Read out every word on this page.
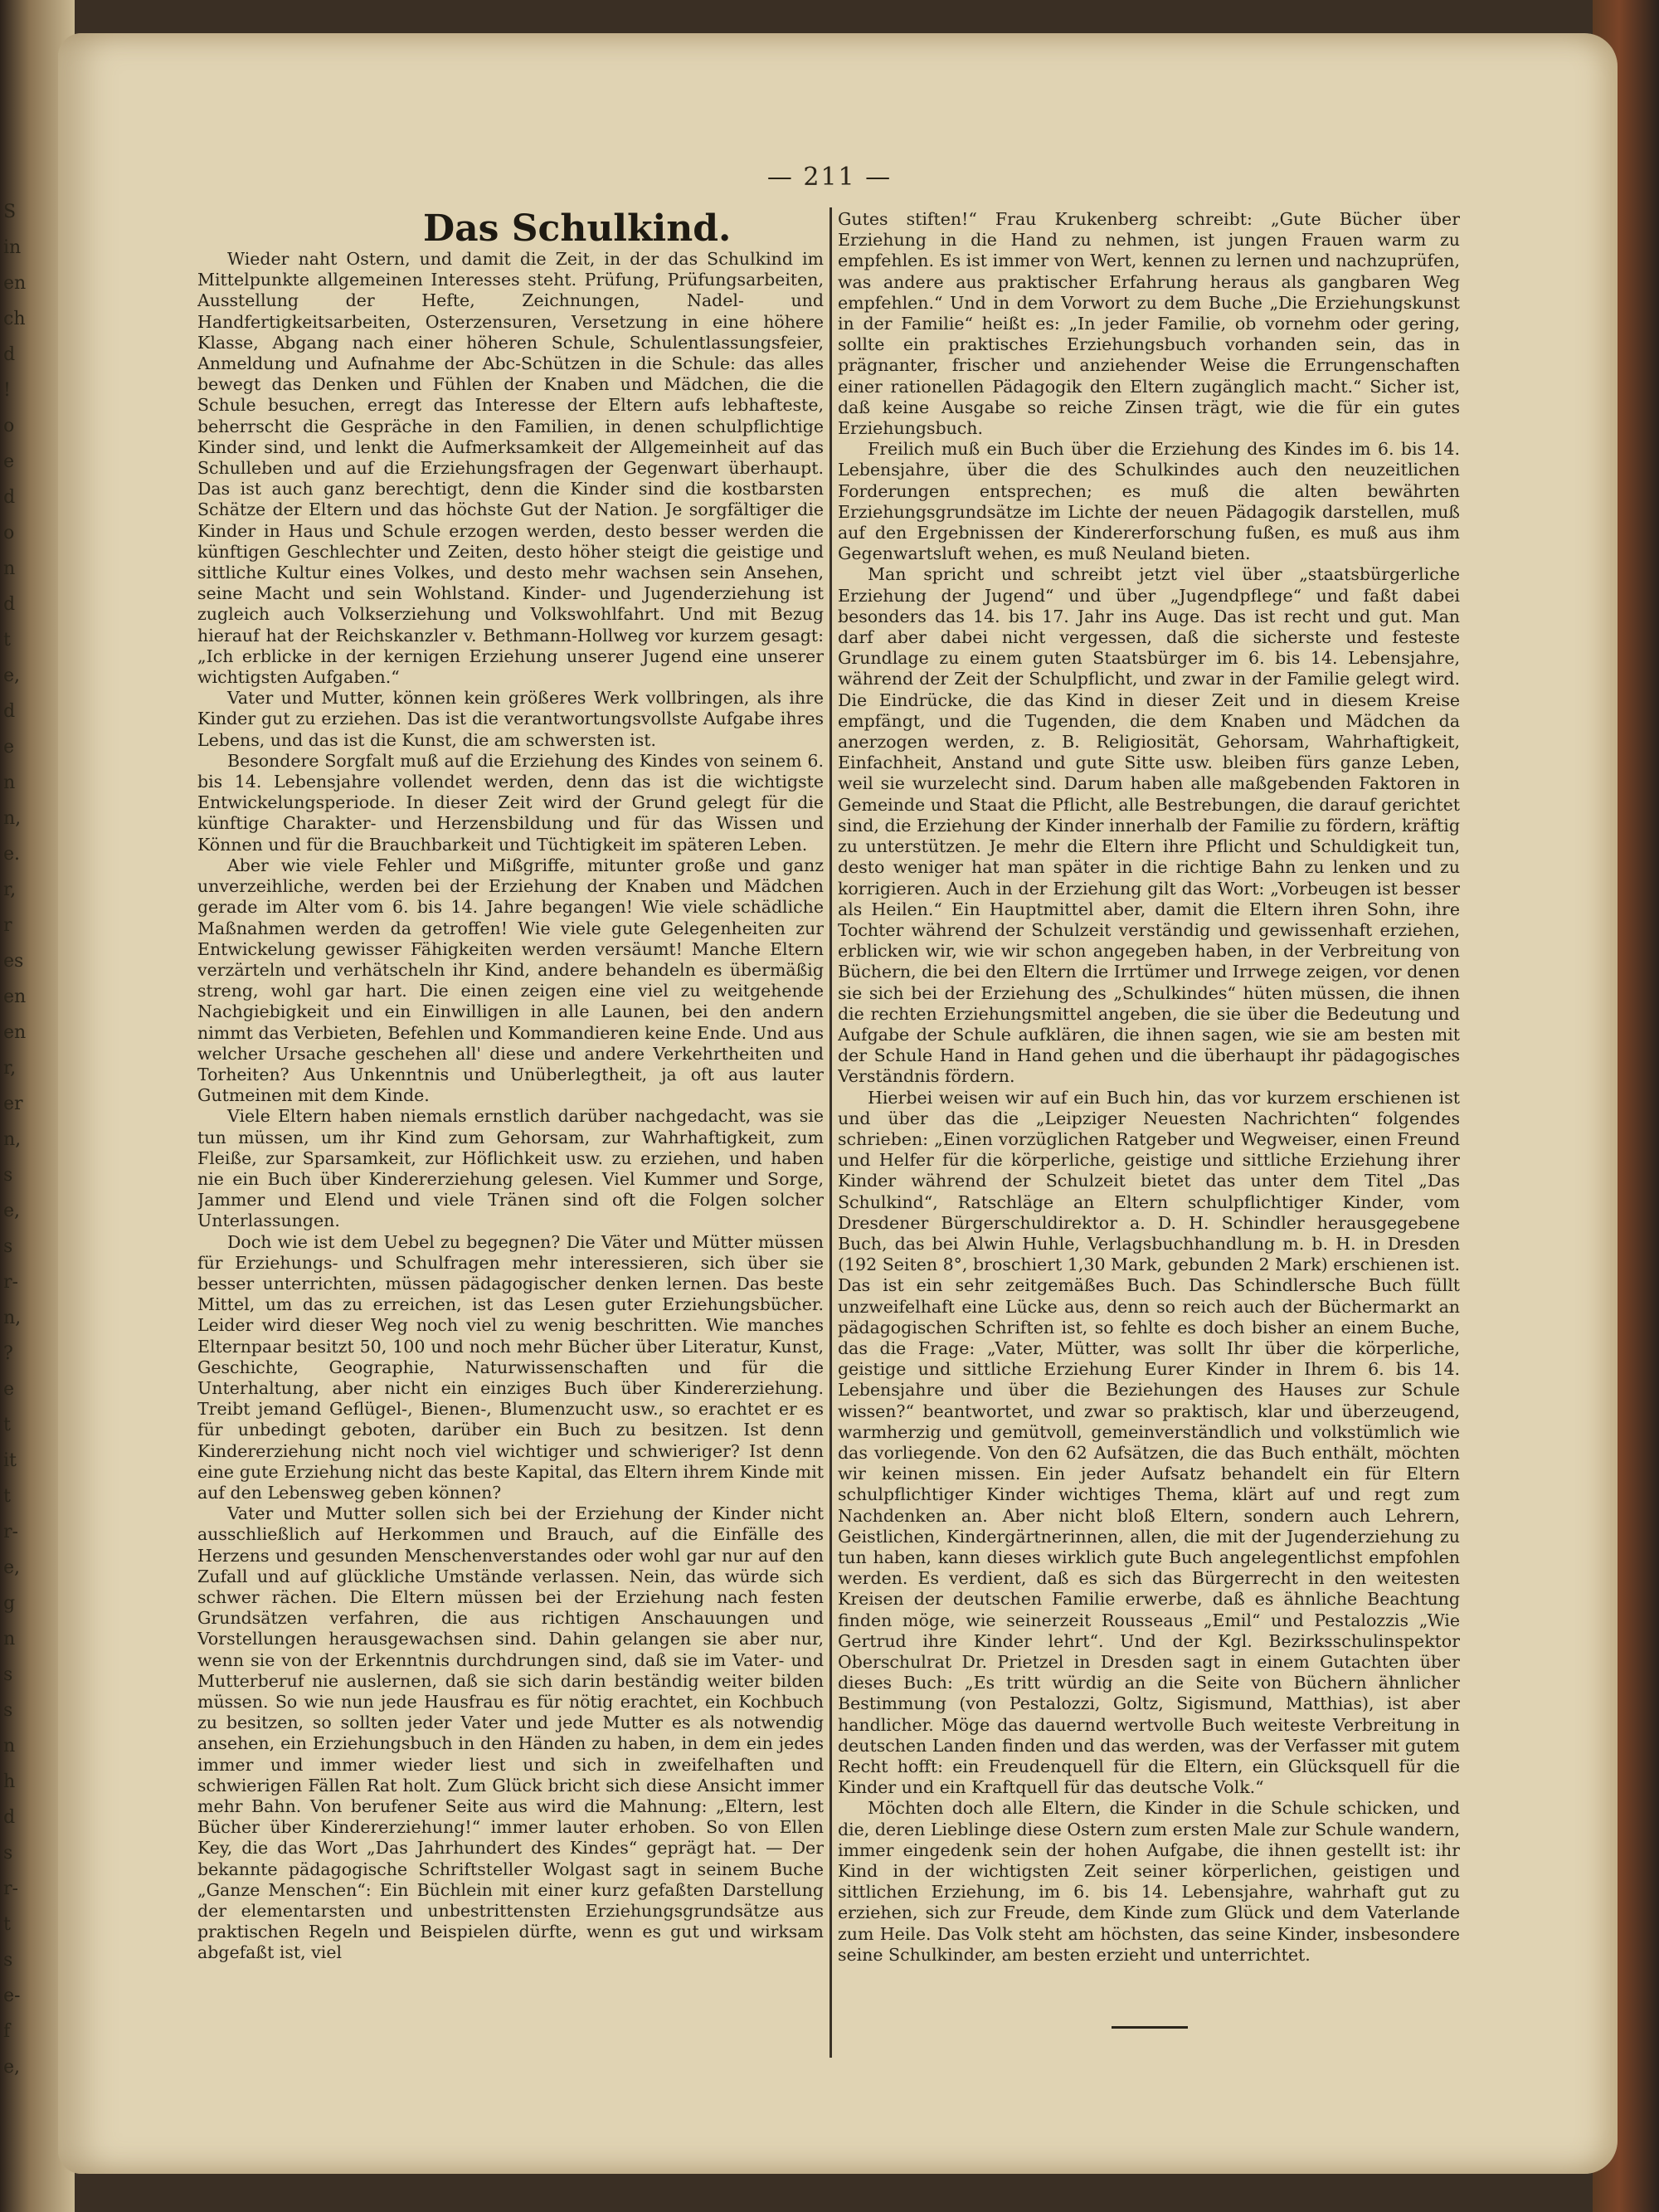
S
in
en
ch
d
!
o
e
d
o
n
d
t
e,
d
e
n
n,
e.
r,
r
es
en
en
r,
er
n,
s
e,
s
r-
n,
?
e
t
it
t
r-
e,
g
n
s
s
n
h
d
s
r-
t
s
e-
f
e,
— 211 —
Das Schulkind.

Wieder naht Ostern, und damit die Zeit, in der das Schulkind im Mittelpunkte allgemeinen Interesses steht. Prüfung, Prüfungsarbeiten, Ausstellung der Hefte, Zeichnungen, Nadel- und Handfertigkeitsarbeiten, Osterzensuren, Versetzung in eine höhere Klasse, Abgang nach einer höheren Schule, Schulentlassungsfeier, Anmeldung und Aufnahme der Abc-Schützen in die Schule: das alles bewegt das Denken und Fühlen der Knaben und Mädchen, die die Schule besuchen, erregt das Interesse der Eltern aufs lebhafteste, beherrscht die Gespräche in den Familien, in denen schulpflichtige Kinder sind, und lenkt die Aufmerksamkeit der Allgemeinheit auf das Schulleben und auf die Erziehungsfragen der Gegenwart überhaupt. Das ist auch ganz berechtigt, denn die Kinder sind die kostbarsten Schätze der Eltern und das höchste Gut der Nation. Je sorgfältiger die Kinder in Haus und Schule erzogen werden, desto besser werden die künftigen Geschlechter und Zeiten, desto höher steigt die geistige und sittliche Kultur eines Volkes, und desto mehr wachsen sein Ansehen, seine Macht und sein Wohlstand. Kinder- und Jugenderziehung ist zugleich auch Volkserziehung und Volkswohlfahrt. Und mit Bezug hierauf hat der Reichskanzler v. Bethmann-Hollweg vor kurzem gesagt: „Ich erblicke in der kernigen Erziehung unserer Jugend eine unserer wichtigsten Aufgaben.“

Vater und Mutter, können kein größeres Werk vollbringen, als ihre Kinder gut zu erziehen. Das ist die verantwortungsvollste Aufgabe ihres Lebens, und das ist die Kunst, die am schwersten ist.

Besondere Sorgfalt muß auf die Erziehung des Kindes von seinem 6. bis 14. Lebensjahre vollendet werden, denn das ist die wichtigste Entwickelungsperiode. In dieser Zeit wird der Grund gelegt für die künftige Charakter- und Herzensbildung und für das Wissen und Können und für die Brauchbarkeit und Tüchtigkeit im späteren Leben.

Aber wie viele Fehler und Mißgriffe, mitunter große und ganz unverzeihliche, werden bei der Erziehung der Knaben und Mädchen gerade im Alter vom 6. bis 14. Jahre begangen! Wie viele schädliche Maßnahmen werden da getroffen! Wie viele gute Gelegenheiten zur Entwickelung gewisser Fähigkeiten werden versäumt! Manche Eltern verzärteln und verhätscheln ihr Kind, andere behandeln es übermäßig streng, wohl gar hart. Die einen zeigen eine viel zu weitgehende Nachgiebigkeit und ein Einwilligen in alle Launen, bei den andern nimmt das Verbieten, Befehlen und Kommandieren keine Ende. Und aus welcher Ursache geschehen all' diese und andere Verkehrtheiten und Torheiten? Aus Unkenntnis und Unüberlegtheit, ja oft aus lauter Gutmeinen mit dem Kinde.

Viele Eltern haben niemals ernstlich darüber nachgedacht, was sie tun müssen, um ihr Kind zum Gehorsam, zur Wahrhaftigkeit, zum Fleiße, zur Sparsamkeit, zur Höflichkeit usw. zu erziehen, und haben nie ein Buch über Kindererziehung gelesen. Viel Kummer und Sorge, Jammer und Elend und viele Tränen sind oft die Folgen solcher Unterlassungen.

Doch wie ist dem Uebel zu begegnen? Die Väter und Mütter müssen für Erziehungs- und Schulfragen mehr interessieren, sich über sie besser unterrichten, müssen pädagogischer denken lernen. Das beste Mittel, um das zu erreichen, ist das Lesen guter Erziehungsbücher. Leider wird dieser Weg noch viel zu wenig beschritten. Wie manches Elternpaar besitzt 50, 100 und noch mehr Bücher über Literatur, Kunst, Geschichte, Geographie, Naturwissenschaften und für die Unterhaltung, aber nicht ein einziges Buch über Kindererziehung. Treibt jemand Geflügel-, Bienen-, Blumenzucht usw., so erachtet er es für unbedingt geboten, darüber ein Buch zu besitzen. Ist denn Kindererziehung nicht noch viel wichtiger und schwieriger? Ist denn eine gute Erziehung nicht das beste Kapital, das Eltern ihrem Kinde mit auf den Lebensweg geben können?

Vater und Mutter sollen sich bei der Erziehung der Kinder nicht ausschließlich auf Herkommen und Brauch, auf die Einfälle des Herzens und gesunden Menschenverstandes oder wohl gar nur auf den Zufall und auf glückliche Umstände verlassen. Nein, das würde sich schwer rächen. Die Eltern müssen bei der Erziehung nach festen Grundsätzen verfahren, die aus richtigen Anschauungen und Vorstellungen herausgewachsen sind. Dahin gelangen sie aber nur, wenn sie von der Erkenntnis durchdrungen sind, daß sie im Vater- und Mutterberuf nie auslernen, daß sie sich darin beständig weiter bilden müssen. So wie nun jede Hausfrau es für nötig erachtet, ein Kochbuch zu besitzen, so sollten jeder Vater und jede Mutter es als notwendig ansehen, ein Erziehungsbuch in den Händen zu haben, in dem ein jedes immer und immer wieder liest und sich in zweifelhaften und schwierigen Fällen Rat holt. Zum Glück bricht sich diese Ansicht immer mehr Bahn. Von berufener Seite aus wird die Mahnung: „Eltern, lest Bücher über Kindererziehung!“ immer lauter erhoben. So von Ellen Key, die das Wort „Das Jahrhundert des Kindes“ geprägt hat. — Der bekannte pädagogische Schriftsteller Wolgast sagt in seinem Buche „Ganze Menschen“: Ein Büchlein mit einer kurz gefaßten Darstellung der elementarsten und unbestrittensten Erziehungsgrundsätze aus praktischen Regeln und Beispielen dürfte, wenn es gut und wirksam abgefaßt ist, viel

Gutes stiften!“ Frau Krukenberg schreibt: „Gute Bücher über Erziehung in die Hand zu nehmen, ist jungen Frauen warm zu empfehlen. Es ist immer von Wert, kennen zu lernen und nachzuprüfen, was andere aus praktischer Erfahrung heraus als gangbaren Weg empfehlen.“ Und in dem Vorwort zu dem Buche „Die Erziehungskunst in der Familie“ heißt es: „In jeder Familie, ob vornehm oder gering, sollte ein praktisches Erziehungsbuch vorhanden sein, das in prägnanter, frischer und anziehender Weise die Errungenschaften einer rationellen Pädagogik den Eltern zugänglich macht.“ Sicher ist, daß keine Ausgabe so reiche Zinsen trägt, wie die für ein gutes Erziehungsbuch.

Freilich muß ein Buch über die Erziehung des Kindes im 6. bis 14. Lebensjahre, über die des Schulkindes auch den neuzeitlichen Forderungen entsprechen; es muß die alten bewährten Erziehungsgrundsätze im Lichte der neuen Pädagogik darstellen, muß auf den Ergebnissen der Kindererforschung fußen, es muß aus ihm Gegenwartsluft wehen, es muß Neuland bieten.

Man spricht und schreibt jetzt viel über „staatsbürgerliche Erziehung der Jugend“ und über „Jugendpflege“ und faßt dabei besonders das 14. bis 17. Jahr ins Auge. Das ist recht und gut. Man darf aber dabei nicht vergessen, daß die sicherste und festeste Grundlage zu einem guten Staatsbürger im 6. bis 14. Lebensjahre, während der Zeit der Schulpflicht, und zwar in der Familie gelegt wird. Die Eindrücke, die das Kind in dieser Zeit und in diesem Kreise empfängt, und die Tugenden, die dem Knaben und Mädchen da anerzogen werden, z. B. Religiosität, Gehorsam, Wahrhaftigkeit, Einfachheit, Anstand und gute Sitte usw. bleiben fürs ganze Leben, weil sie wurzelecht sind. Darum haben alle maßgebenden Faktoren in Gemeinde und Staat die Pflicht, alle Bestrebungen, die darauf gerichtet sind, die Erziehung der Kinder innerhalb der Familie zu fördern, kräftig zu unterstützen. Je mehr die Eltern ihre Pflicht und Schuldigkeit tun, desto weniger hat man später in die richtige Bahn zu lenken und zu korrigieren. Auch in der Erziehung gilt das Wort: „Vorbeugen ist besser als Heilen.“ Ein Hauptmittel aber, damit die Eltern ihren Sohn, ihre Tochter während der Schulzeit verständig und gewissenhaft erziehen, erblicken wir, wie wir schon angegeben haben, in der Verbreitung von Büchern, die bei den Eltern die Irrtümer und Irrwege zeigen, vor denen sie sich bei der Erziehung des „Schulkindes“ hüten müssen, die ihnen die rechten Erziehungsmittel angeben, die sie über die Bedeutung und Aufgabe der Schule aufklären, die ihnen sagen, wie sie am besten mit der Schule Hand in Hand gehen und die überhaupt ihr pädagogisches Verständnis fördern.

Hierbei weisen wir auf ein Buch hin, das vor kurzem erschienen ist und über das die „Leipziger Neuesten Nachrichten“ folgendes schrieben: „Einen vorzüglichen Ratgeber und Wegweiser, einen Freund und Helfer für die körperliche, geistige und sittliche Erziehung ihrer Kinder während der Schulzeit bietet das unter dem Titel „Das Schulkind“, Ratschläge an Eltern schulpflichtiger Kinder, vom Dresdener Bürgerschuldirektor a. D. H. Schindler herausgegebene Buch, das bei Alwin Huhle, Verlagsbuchhandlung m. b. H. in Dresden (192 Seiten 8°, broschiert 1,30 Mark, gebunden 2 Mark) erschienen ist. Das ist ein sehr zeitgemäßes Buch. Das Schindlersche Buch füllt unzweifelhaft eine Lücke aus, denn so reich auch der Büchermarkt an pädagogischen Schriften ist, so fehlte es doch bisher an einem Buche, das die Frage: „Vater, Mütter, was sollt Ihr über die körperliche, geistige und sittliche Erziehung Eurer Kinder in Ihrem 6. bis 14. Lebensjahre und über die Beziehungen des Hauses zur Schule wissen?“ beantwortet, und zwar so praktisch, klar und überzeugend, warmherzig und gemütvoll, gemeinverständlich und volkstümlich wie das vorliegende. Von den 62 Aufsätzen, die das Buch enthält, möchten wir keinen missen. Ein jeder Aufsatz behandelt ein für Eltern schulpflichtiger Kinder wichtiges Thema, klärt auf und regt zum Nachdenken an. Aber nicht bloß Eltern, sondern auch Lehrern, Geistlichen, Kindergärtnerinnen, allen, die mit der Jugenderziehung zu tun haben, kann dieses wirklich gute Buch angelegentlichst empfohlen werden. Es verdient, daß es sich das Bürgerrecht in den weitesten Kreisen der deutschen Familie erwerbe, daß es ähnliche Beachtung finden möge, wie seinerzeit Rousseaus „Emil“ und Pestalozzis „Wie Gertrud ihre Kinder lehrt“. Und der Kgl. Bezirksschulinspektor Oberschulrat Dr. Prietzel in Dresden sagt in einem Gutachten über dieses Buch: „Es tritt würdig an die Seite von Büchern ähnlicher Bestimmung (von Pestalozzi, Goltz, Sigismund, Matthias), ist aber handlicher. Möge das dauernd wertvolle Buch weiteste Verbreitung in deutschen Landen finden und das werden, was der Verfasser mit gutem Recht hofft: ein Freudenquell für die Eltern, ein Glücksquell für die Kinder und ein Kraftquell für das deutsche Volk.“

Möchten doch alle Eltern, die Kinder in die Schule schicken, und die, deren Lieblinge diese Ostern zum ersten Male zur Schule wandern, immer eingedenk sein der hohen Aufgabe, die ihnen gestellt ist: ihr Kind in der wichtigsten Zeit seiner körperlichen, geistigen und sittlichen Erziehung, im 6. bis 14. Lebensjahre, wahrhaft gut zu erziehen, sich zur Freude, dem Kinde zum Glück und dem Vaterlande zum Heile. Das Volk steht am höchsten, das seine Kinder, insbesondere seine Schulkinder, am besten erzieht und unterrichtet.
